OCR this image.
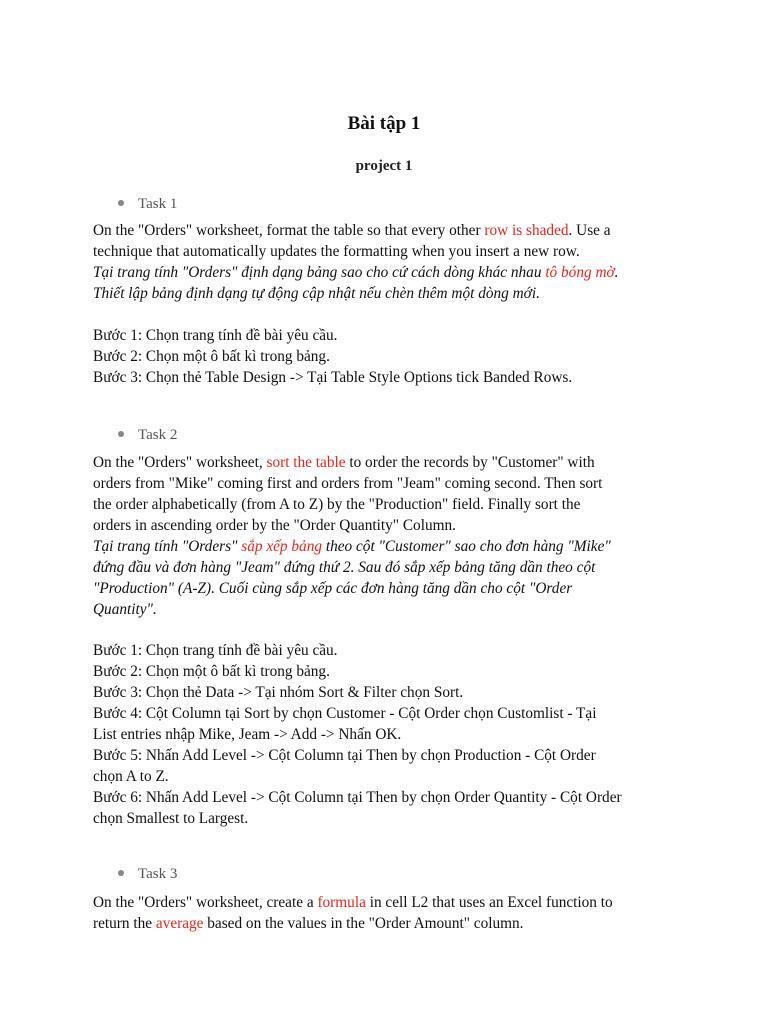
Bài tập 1
project 1
Task 1
On the "Orders" worksheet, format the table so that every other row is shaded. Use a
technique that automatically updates the formatting when you insert a new row.
Tại trang tính "Orders" định dạng bảng sao cho cứ cách dòng khác nhau tô bóng mờ.
Thiết lập bảng định dạng tự động cập nhật nếu chèn thêm một dòng mới.
Bước 1: Chọn trang tính đề bài yêu cầu.
Bước 2: Chọn một ô bất kì trong bảng.
Bước 3: Chọn thẻ Table Design -> Tại Table Style Options tick Banded Rows.
Task 2
On the "Orders" worksheet, sort the table to order the records by "Customer" with
orders from "Mike" coming first and orders from "Jeam" coming second. Then sort
the order alphabetically (from A to Z) by the "Production" field. Finally sort the
orders in ascending order by the "Order Quantity" Column.
Tại trang tính "Orders" sắp xếp bảng theo cột "Customer" sao cho đơn hàng "Mike"
đứng đầu và đơn hàng "Jeam" đứng thứ 2. Sau đó sắp xếp bảng tăng dần theo cột
"Production" (A-Z). Cuối cùng sắp xếp các đơn hàng tăng dần cho cột "Order
Quantity".
Bước 1: Chọn trang tính đề bài yêu cầu.
Bước 2: Chọn một ô bất kì trong bảng.
Bước 3: Chọn thẻ Data -> Tại nhóm Sort & Filter chọn Sort.
Bước 4: Cột Column tại Sort by chọn Customer - Cột Order chọn Customlist - Tại
List entries nhập Mike, Jeam -> Add -> Nhấn OK.
Bước 5: Nhấn Add Level -> Cột Column tại Then by chọn Production - Cột Order
chọn A to Z.
Bước 6: Nhấn Add Level -> Cột Column tại Then by chọn Order Quantity - Cột Order
chọn Smallest to Largest.
Task 3
On the "Orders" worksheet, create a formula in cell L2 that uses an Excel function to
return the average based on the values in the "Order Amount" column.
